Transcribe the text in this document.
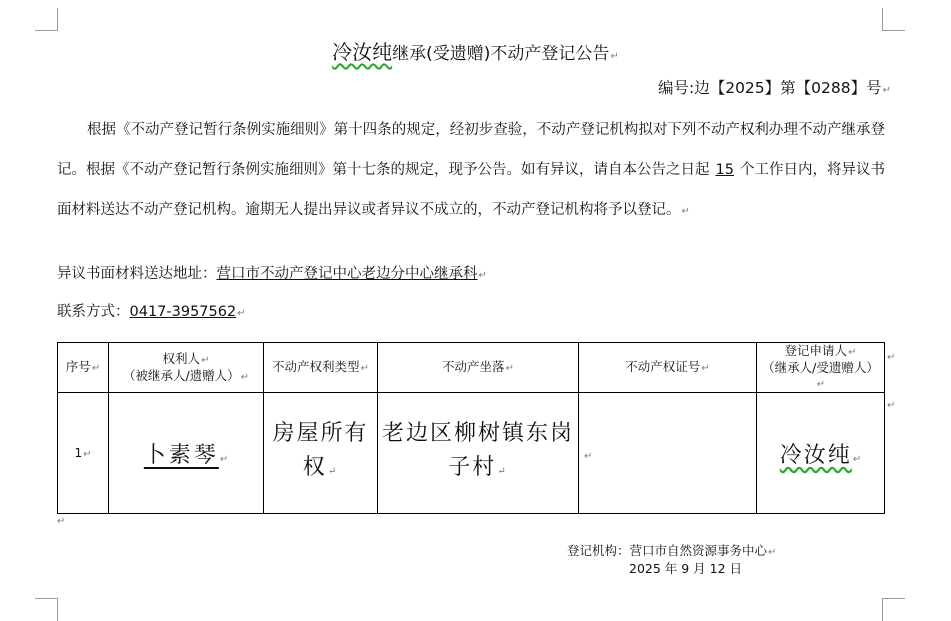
冷汝纯继承(受遗赠)不动产登记公告↵
编号:边【2025】第【0288】号↵
根据《不动产登记暂行条例实施细则》第十四条的规定，经初步查验，不动产登记机构拟对下列不动产权利办理不动产继承登记。根据《不动产登记暂行条例实施细则》第十七条的规定，现予公告。如有异议，请自本公告之日起 15 个工作日内，将异议书面材料送达不动产登记机构。逾期无人提出异议或者异议不成立的，不动产登记机构将予以登记。↵
异议书面材料送达地址：营口市不动产登记中心老边分中心继承科↵
联系方式：0417-3957562↵
序号↵	权利人↵
（被继承人/遗赠人）↵	不动产权利类型↵	不动产坐落↵	不动产权证号↵	登记申请人↵
（继承人/受遗赠人）↵
1↵	卜素琴↵	房屋所有权↵	老边区柳树镇东岗子村↵	↵	冷汝纯↵
↵
↵
↵
登记机构：营口市自然资源事务中心↵
2025 年 9 月 12 日
